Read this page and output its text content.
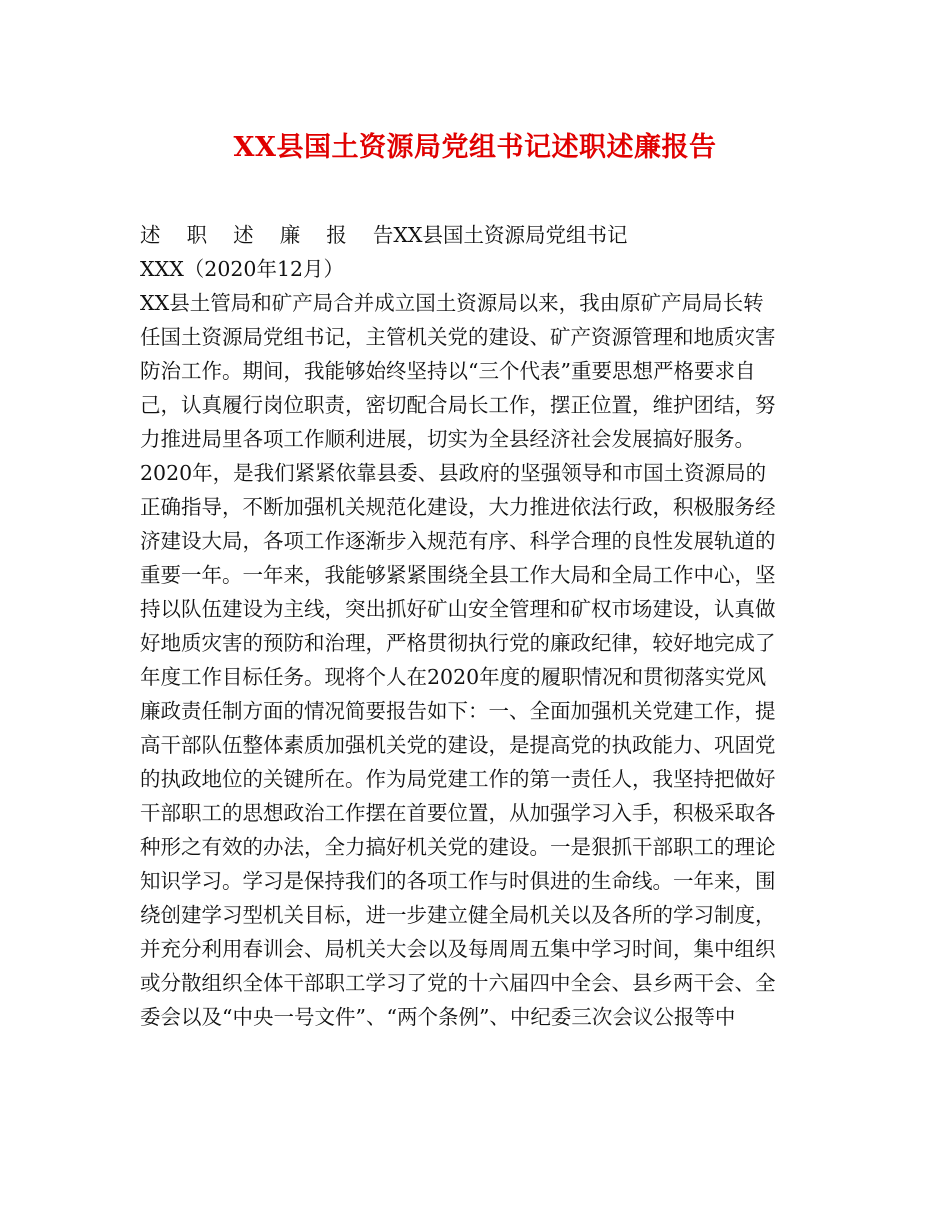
XX县国土资源局党组书记述职述廉报告
述    职    述    廉    报    告XX县国土资源局党组书记
XXX（2020年12月）
XX县土管局和矿产局合并成立国土资源局以来，我由原矿产局局长转
任国土资源局党组书记，主管机关党的建设、矿产资源管理和地质灾害
防治工作。期间，我能够始终坚持以“三个代表”重要思想严格要求自
己，认真履行岗位职责，密切配合局长工作，摆正位置，维护团结，努
力推进局里各项工作顺利进展，切实为全县经济社会发展搞好服务。
2020年，是我们紧紧依靠县委、县政府的坚强领导和市国土资源局的
正确指导，不断加强机关规范化建设，大力推进依法行政，积极服务经
济建设大局，各项工作逐渐步入规范有序、科学合理的良性发展轨道的
重要一年。一年来，我能够紧紧围绕全县工作大局和全局工作中心，坚
持以队伍建设为主线，突出抓好矿山安全管理和矿权市场建设，认真做
好地质灾害的预防和治理，严格贯彻执行党的廉政纪律，较好地完成了
年度工作目标任务。现将个人在2020年度的履职情况和贯彻落实党风
廉政责任制方面的情况简要报告如下：一、全面加强机关党建工作，提
高干部队伍整体素质加强机关党的建设，是提高党的执政能力、巩固党
的执政地位的关键所在。作为局党建工作的第一责任人，我坚持把做好
干部职工的思想政治工作摆在首要位置，从加强学习入手，积极采取各
种形之有效的办法，全力搞好机关党的建设。一是狠抓干部职工的理论
知识学习。学习是保持我们的各项工作与时俱进的生命线。一年来，围
绕创建学习型机关目标，进一步建立健全局机关以及各所的学习制度，
并充分利用春训会、局机关大会以及每周周五集中学习时间，集中组织
或分散组织全体干部职工学习了党的十六届四中全会、县乡两干会、全
委会以及“中央一号文件”、“两个条例”、中纪委三次会议公报等中
